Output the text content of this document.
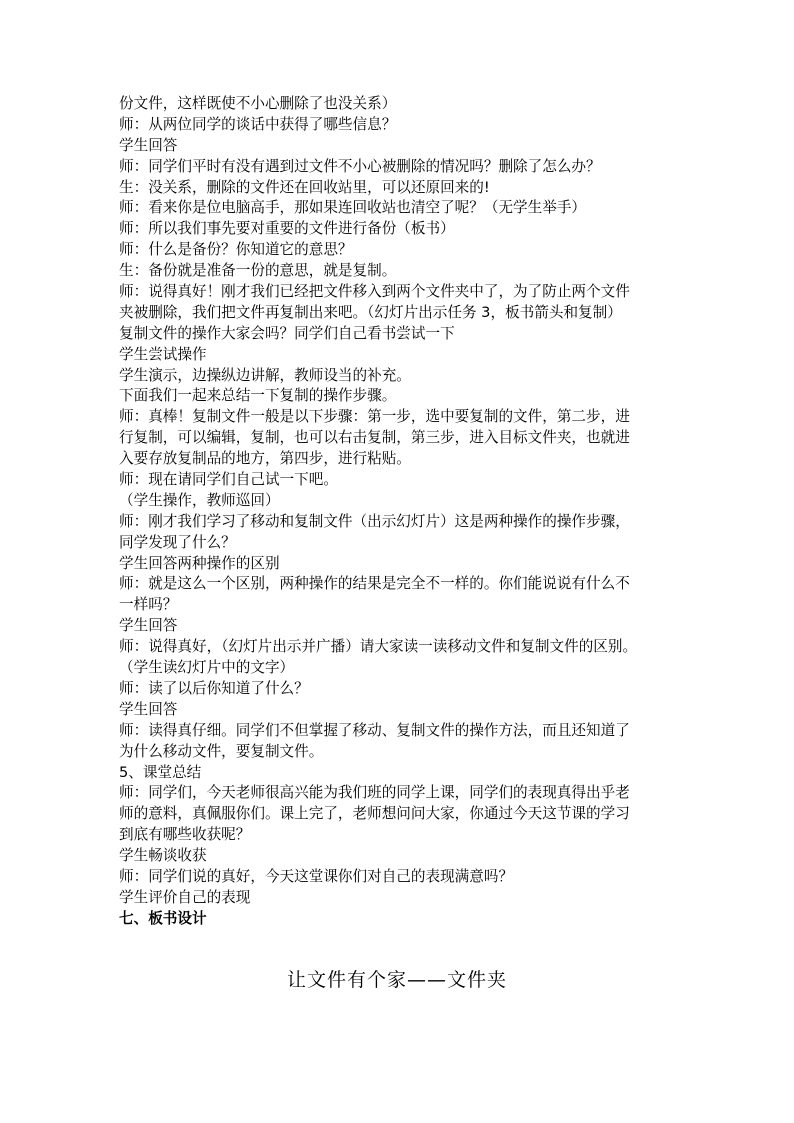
份文件，这样既使不小心删除了也没关系）
师：从两位同学的谈话中获得了哪些信息？
学生回答
师：同学们平时有没有遇到过文件不小心被删除的情况吗？删除了怎么办？
生：没关系，删除的文件还在回收站里，可以还原回来的!
师：看来你是位电脑高手，那如果连回收站也清空了呢？（无学生举手）
师：所以我们事先要对重要的文件进行备份（板书）
师：什么是备份？你知道它的意思？
生：备份就是准备一份的意思，就是复制。
师：说得真好！刚才我们已经把文件移入到两个文件夹中了，为了防止两个文件
夹被删除，我们把文件再复制出来吧。（幻灯片出示任务 3，板书箭头和复制）
复制文件的操作大家会吗？同学们自己看书尝试一下
学生尝试操作
学生演示，边操纵边讲解，教师设当的补充。
下面我们一起来总结一下复制的操作步骤。
师：真棒！复制文件一般是以下步骤：第一步，选中要复制的文件，第二步，进
行复制，可以编辑，复制，也可以右击复制，第三步，进入目标文件夹，也就进
入要存放复制品的地方，第四步，进行粘贴。
师：现在请同学们自己试一下吧。
（学生操作，教师巡回）
师：刚才我们学习了移动和复制文件（出示幻灯片）这是两种操作的操作步骤，
同学发现了什么？
学生回答两种操作的区别
师：就是这么一个区别，两种操作的结果是完全不一样的。你们能说说有什么不
一样吗？
学生回答
师：说得真好，（幻灯片出示并广播）请大家读一读移动文件和复制文件的区别。
（学生读幻灯片中的文字）
师：读了以后你知道了什么？
学生回答
师：读得真仔细。同学们不但掌握了移动、复制文件的操作方法，而且还知道了
为什么移动文件，要复制文件。
5、课堂总结
师：同学们，今天老师很高兴能为我们班的同学上课，同学们的表现真得出乎老
师的意料，真佩服你们。课上完了，老师想问问大家，你通过今天这节课的学习
到底有哪些收获呢？
学生畅谈收获
师：同学们说的真好，今天这堂课你们对自己的表现满意吗？
学生评价自己的表现
七、板书设计
让文件有个家——文件夹
